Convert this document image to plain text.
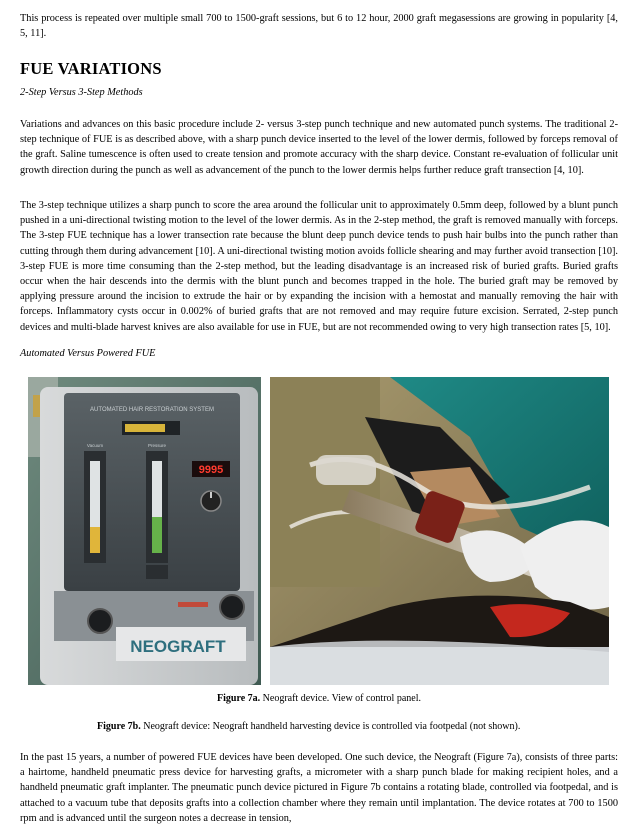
This process is repeated over multiple small 700 to 1500-graft sessions, but 6 to 12 hour, 2000 graft megasessions are growing in popularity [4, 5, 11].

FUE VARIATIONS
2-Step Versus 3-Step Methods

Variations and advances on this basic procedure include 2- versus 3-step punch technique and new automated punch systems. The traditional 2-step technique of FUE is as described above, with a sharp punch device inserted to the level of the lower dermis, followed by forceps removal of the graft. Saline tumescence is often used to create tension and promote accuracy with the sharp device. Constant re-evaluation of follicular unit growth direction during the punch as well as advancement of the punch to the lower dermis helps further reduce graft transection [4, 10].

The 3-step technique utilizes a sharp punch to score the area around the follicular unit to approximately 0.5mm deep, followed by a blunt punch pushed in a uni-directional twisting motion to the level of the lower dermis. As in the 2-step method, the graft is removed manually with forceps. The 3-step FUE technique has a lower transection rate because the blunt deep punch device tends to push hair bulbs into the punch rather than cutting through them during advancement [10]. A uni-directional twisting motion avoids follicle shearing and may further avoid transection [10]. 3-step FUE is more time consuming than the 2-step method, but the leading disadvantage is an increased risk of buried grafts. Buried grafts occur when the hair descends into the dermis with the blunt punch and becomes trapped in the hole. The buried graft may be removed by applying pressure around the incision to extrude the hair or by expanding the incision with a hemostat and manually removing the hair with forceps. Inflammatory cysts occur in 0.002% of buried grafts that are not removed and may require future excision. Serrated, 2-step punch devices and multi-blade harvest knives are also available for use in FUE, but are not recommended owing to very high transection rates [5, 10].

Automated Versus Powered FUE
AUTOMATED HAIR RESTORATION SYSTEM
Vacuum	Pressure
9995
NEOGRAFT
Figure 7a. Neograft device. View of control panel.
Figure 7b. Neograft device: Neograft handheld harvesting device is controlled via footpedal (not shown).

In the past 15 years, a number of powered FUE devices have been developed. One such device, the Neograft (Figure 7a), consists of three parts: a hairtome, handheld pneumatic press device for harvesting grafts, a micrometer with a sharp punch blade for making recipient holes, and a handheld pneumatic graft implanter. The pneumatic punch device pictured in Figure 7b contains a rotating blade, controlled via footpedal, and is attached to a vacuum tube that deposits grafts into a collection chamber where they remain until implantation. The device rotates at 700 to 1500 rpm and is advanced until the surgeon notes a decrease in tension,
